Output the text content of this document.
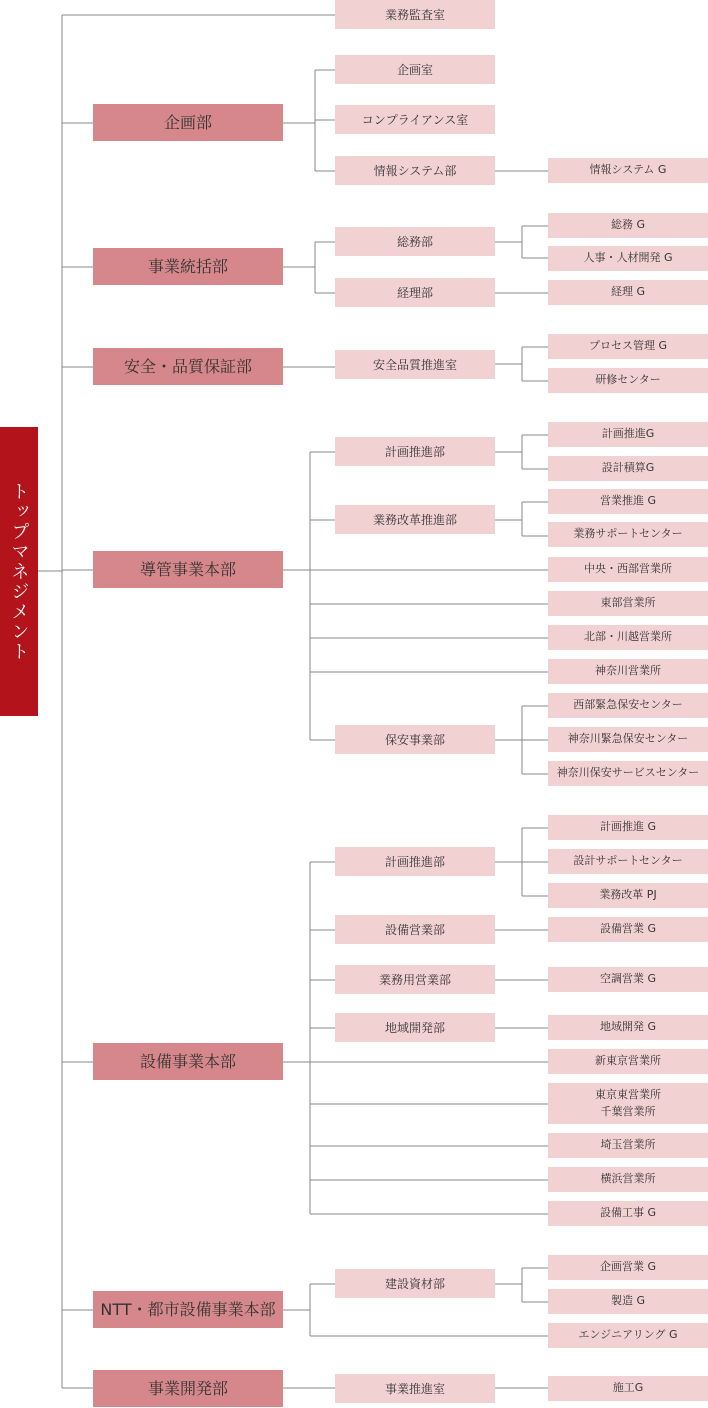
トップマネジメント
業務監査室
企画部
企画室
コンプライアンス室
情報システム部	情報システム G
事業統括部
総務部
経理部
総務 G
人事・人材開発 G
経理 G
安全・品質保証部	安全品質推進室
プロセス管理 G
研修センター
導管事業本部
計画推進部
業務改革推進部
保安事業部
計画推進G
設計積算G
営業推進 G
業務サポートセンター
中央・西部営業所
東部営業所
北部・川越営業所
神奈川営業所
西部緊急保安センター
神奈川緊急保安センター
神奈川保安サービスセンター
設備事業本部
計画推進部
設備営業部
業務用営業部
地域開発部
計画推進 G
設計サポートセンター
業務改革 PJ
設備営業 G
空調営業 G
地域開発 G
新東京営業所
東京東営業所
千葉営業所
埼玉営業所
横浜営業所
設備工事 G
NTT・都市設備事業本部
建設資材部
企画営業 G
製造 G
エンジニアリング G
事業開発部	事業推進室	施工G
